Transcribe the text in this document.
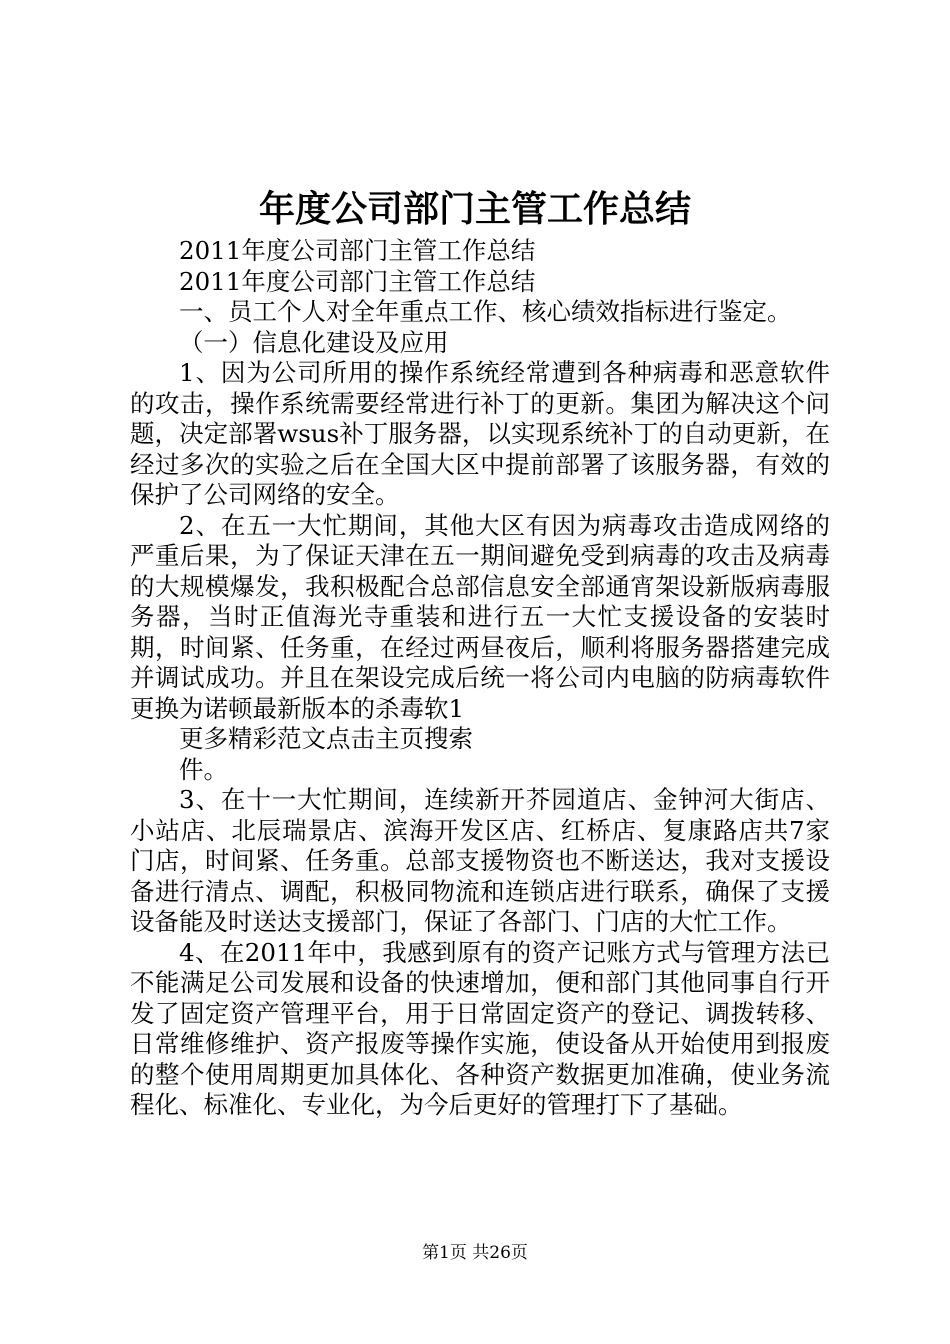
年度公司部门主管工作总结

2011年度公司部门主管工作总结

2011年度公司部门主管工作总结

一、员工个人对全年重点工作、核心绩效指标进行鉴定。

（一）信息化建设及应用

1、因为公司所用的操作系统经常遭到各种病毒和恶意软件的攻击，操作系统需要经常进行补丁的更新。集团为解决这个问题，决定部署wsus补丁服务器，以实现系统补丁的自动更新，在经过多次的实验之后在全国大区中提前部署了该服务器，有效的保护了公司网络的安全。

2、在五一大忙期间，其他大区有因为病毒攻击造成网络的严重后果，为了保证天津在五一期间避免受到病毒的攻击及病毒的大规模爆发，我积极配合总部信息安全部通宵架设新版病毒服务器，当时正值海光寺重装和进行五一大忙支援设备的安装时期，时间紧、任务重，在经过两昼夜后，顺利将服务器搭建完成并调试成功。并且在架设完成后统一将公司内电脑的防病毒软件更换为诺顿最新版本的杀毒软1

更多精彩范文点击主页搜索

件。

3、在十一大忙期间，连续新开芥园道店、金钟河大街店、小站店、北辰瑞景店、滨海开发区店、红桥店、复康路店共7家门店，时间紧、任务重。总部支援物资也不断送达，我对支援设备进行清点、调配，积极同物流和连锁店进行联系，确保了支援设备能及时送达支援部门，保证了各部门、门店的大忙工作。

4、在2011年中，我感到原有的资产记账方式与管理方法已不能满足公司发展和设备的快速增加，便和部门其他同事自行开发了固定资产管理平台，用于日常固定资产的登记、调拨转移、日常维修维护、资产报废等操作实施，使设备从开始使用到报废的整个使用周期更加具体化、各种资产数据更加准确，使业务流程化、标准化、专业化，为今后更好的管理打下了基础。

第1页 共26页
